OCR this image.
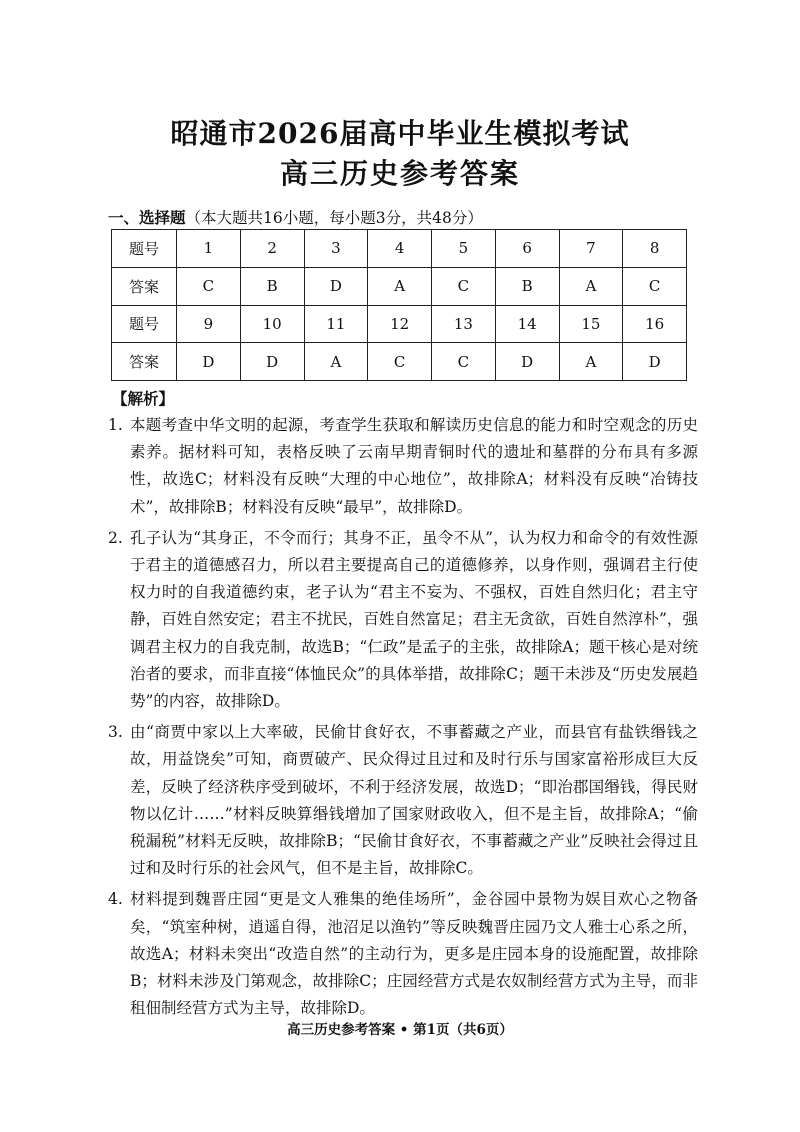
昭通市2026届高中毕业生模拟考试
高三历史参考答案
一、选择题（本大题共16小题，每小题3分，共48分）
题号	1	2	3	4	5	6	7	8
答案	C	B	D	A	C	B	A	C
题号	9	10	11	12	13	14	15	16
答案	D	D	A	C	C	D	A	D
【解析】
1. 本题考查中华文明的起源，考查学生获取和解读历史信息的能力和时空观念的历史素养。据材料可知，表格反映了云南早期青铜时代的遗址和墓群的分布具有多源性，故选C；材料没有反映“大理的中心地位”，故排除A；材料没有反映“冶铸技术”，故排除B；材料没有反映“最早”，故排除D。
2. 孔子认为“其身正，不令而行；其身不正，虽令不从”，认为权力和命令的有效性源于君主的道德感召力，所以君主要提高自己的道德修养，以身作则，强调君主行使权力时的自我道德约束，老子认为“君主不妄为、不强权，百姓自然归化；君主守静，百姓自然安定；君主不扰民，百姓自然富足；君主无贪欲，百姓自然淳朴”，强调君主权力的自我克制，故选B；“仁政”是孟子的主张，故排除A；题干核心是对统治者的要求，而非直接“体恤民众”的具体举措，故排除C；题干未涉及“历史发展趋势”的内容，故排除D。
3. 由“商贾中家以上大率破，民偷甘食好衣，不事蓄藏之产业，而县官有盐铁缗钱之故，用益饶矣”可知，商贾破产、民众得过且过和及时行乐与国家富裕形成巨大反差，反映了经济秩序受到破坏，不利于经济发展，故选D；“即治郡国缗钱，得民财物以亿计……”材料反映算缗钱增加了国家财政收入，但不是主旨，故排除A；“偷税漏税”材料无反映，故排除B；“民偷甘食好衣，不事蓄藏之产业”反映社会得过且过和及时行乐的社会风气，但不是主旨，故排除C。
4. 材料提到魏晋庄园“更是文人雅集的绝佳场所”，金谷园中景物为娱目欢心之物备矣，“筑室种树，逍遥自得，池沼足以渔钓”等反映魏晋庄园乃文人雅士心系之所，故选A；材料未突出“改造自然”的主动行为，更多是庄园本身的设施配置，故排除B；材料未涉及门第观念，故排除C；庄园经营方式是农奴制经营方式为主导，而非租佃制经营方式为主导，故排除D。
高三历史参考答案 • 第1页（共6页）
